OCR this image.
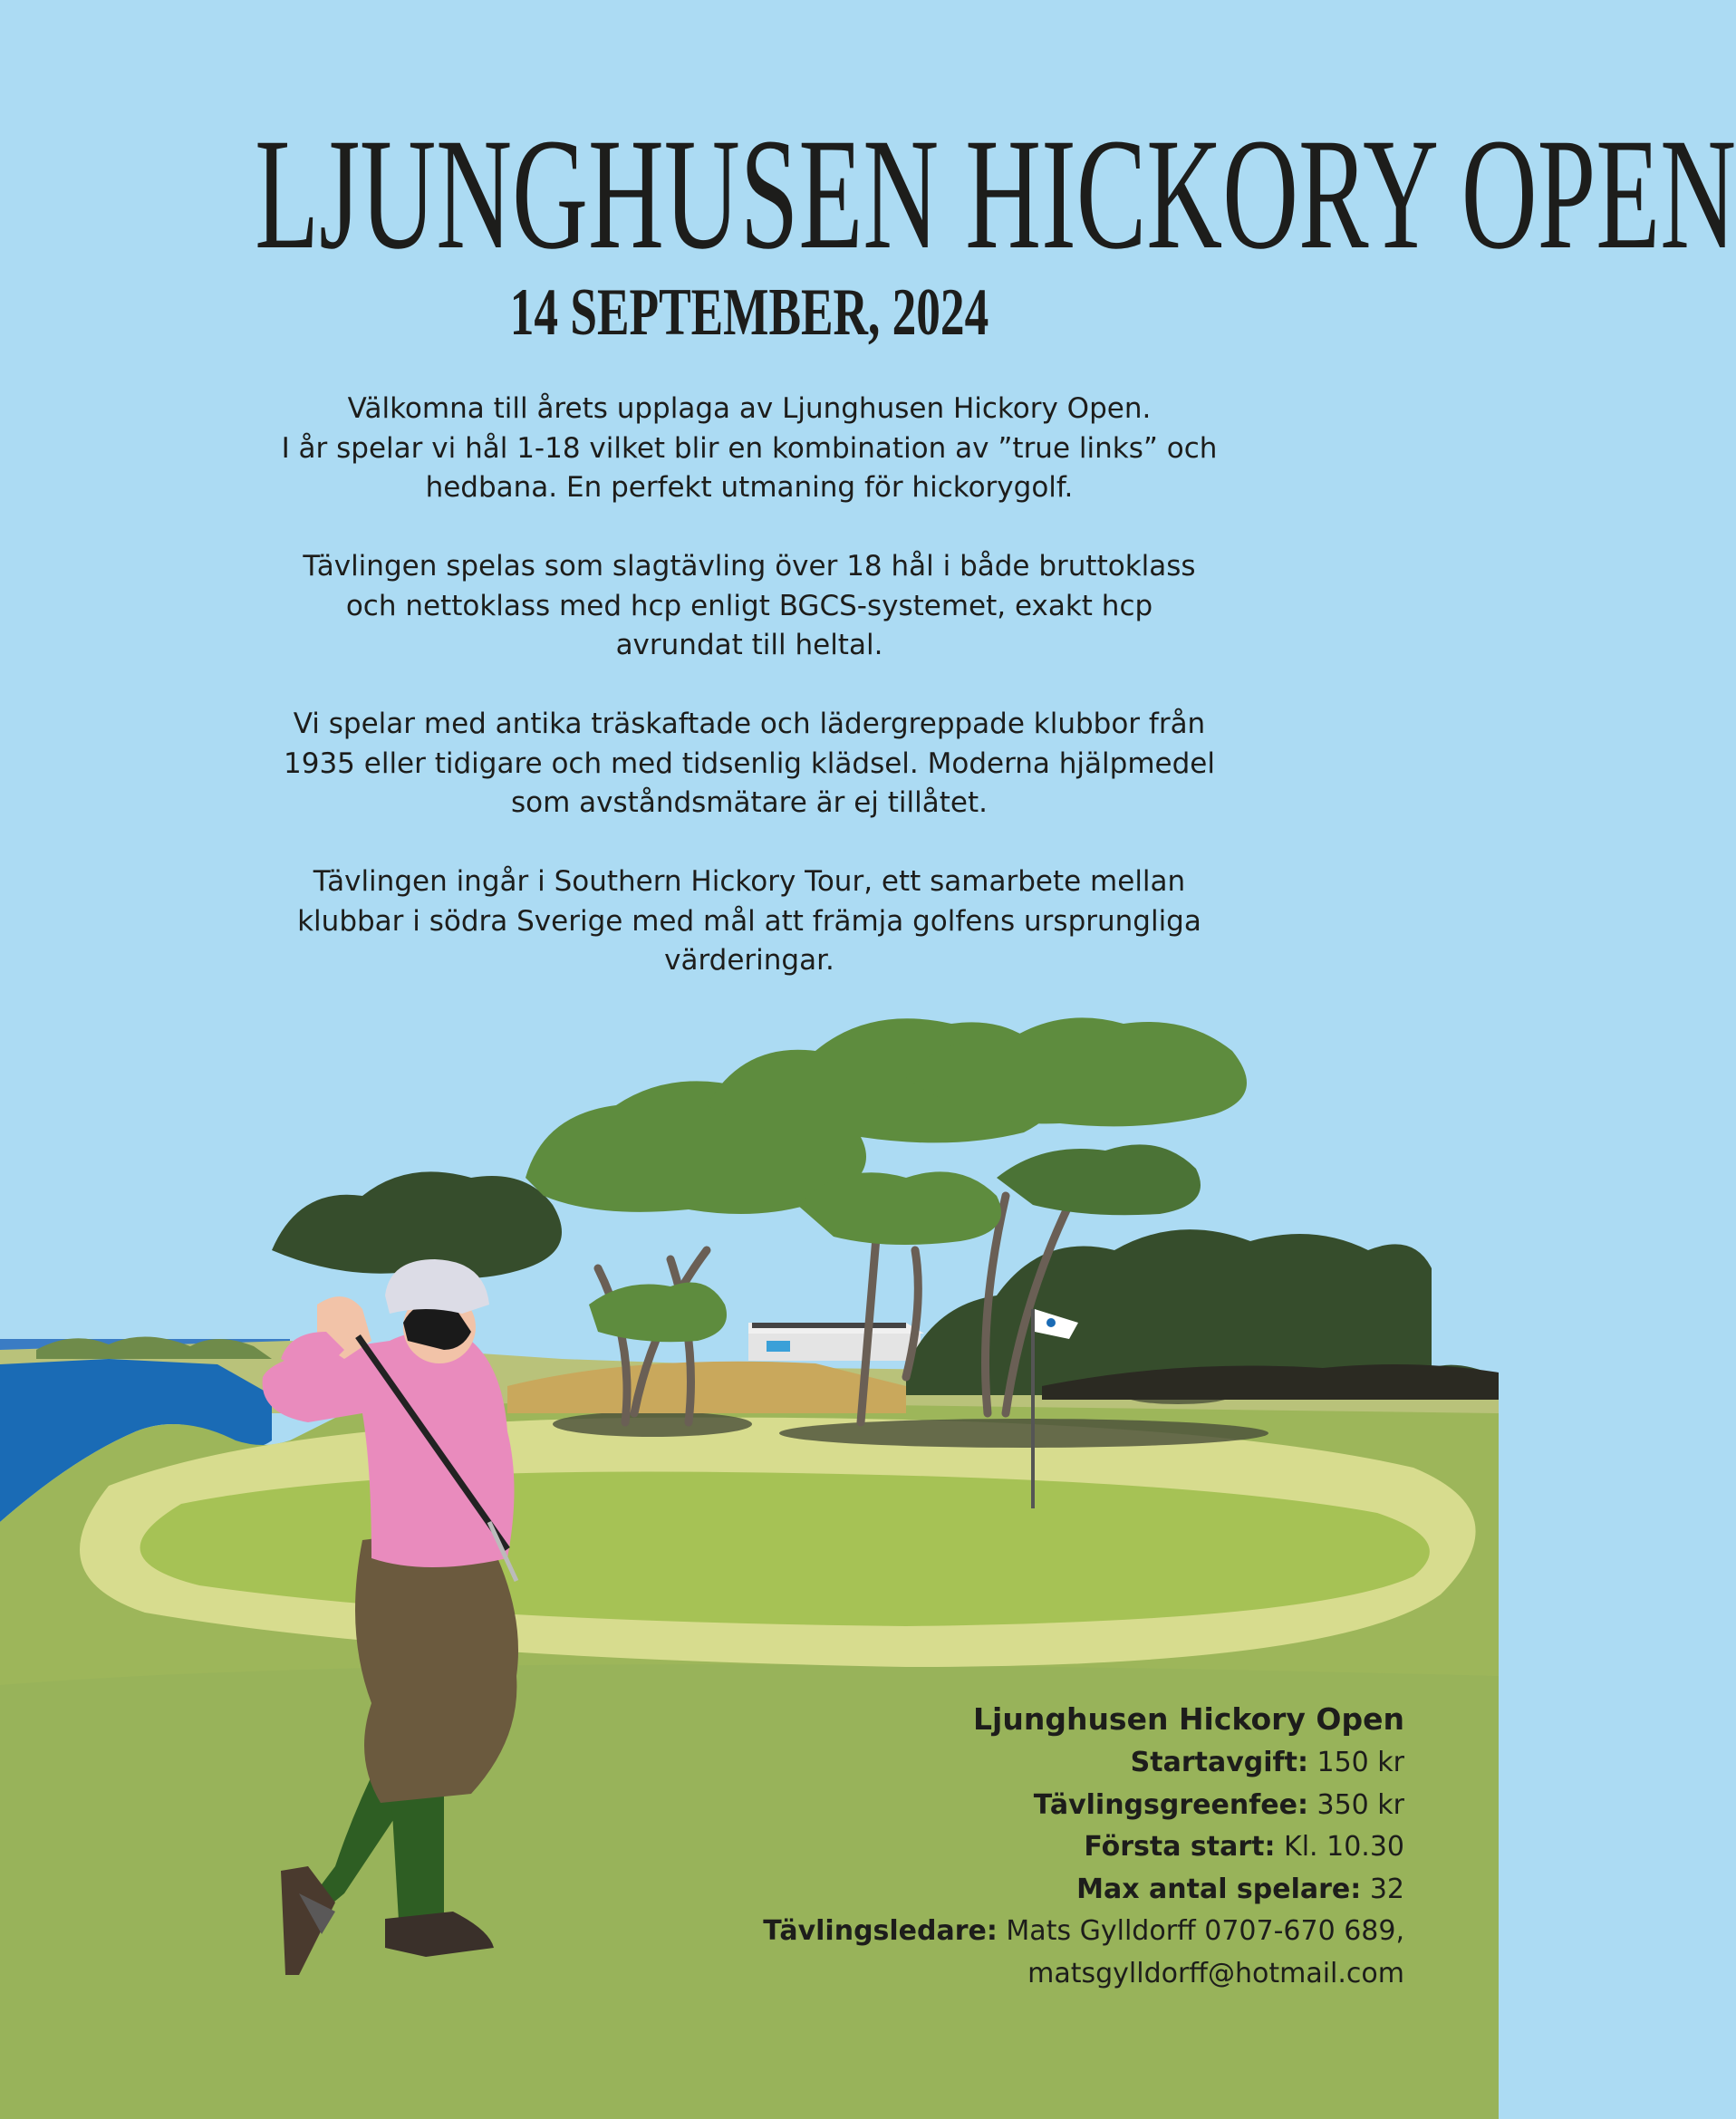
LJUNGHUSEN HICKORY OPEN
14 SEPTEMBER, 2024

Välkomna till årets upplaga av Ljunghusen Hickory Open.
I år spelar vi hål 1-18 vilket blir en kombination av ”true links” och
hedbana. En perfekt utmaning för hickorygolf.

Tävlingen spelas som slagtävling över 18 hål i både bruttoklass
och nettoklass med hcp enligt BGCS-systemet, exakt hcp
avrundat till heltal.

Vi spelar med antika träskaftade och lädergreppade klubbor från
1935 eller tidigare och med tidsenlig klädsel. Moderna hjälpmedel
som avståndsmätare är ej tillåtet.

Tävlingen ingår i Southern Hickory Tour, ett samarbete mellan
klubbar i södra Sverige med mål att främja golfens ursprungliga
värderingar.

Ljunghusen Hickory Open
Startavgift: 150 kr
Tävlingsgreenfee: 350 kr
Första start: Kl. 10.30
Max antal spelare: 32
Tävlingsledare: Mats Gylldorff 0707-670 689,
matsgylldorff@hotmail.com
